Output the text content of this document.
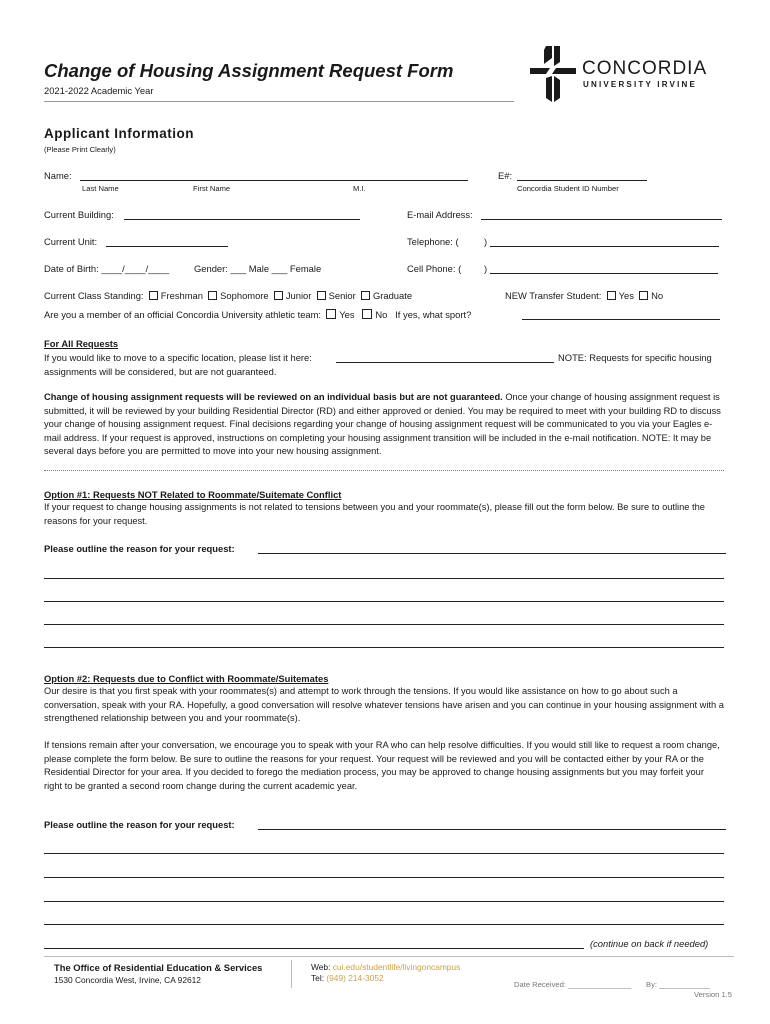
Change of Housing Assignment Request Form
2021-2022 Academic Year
CONCORDIA
UNIVERSITY IRVINE
Applicant Information
(Please Print Clearly)
Name:
Last Name	First Name	M.I.
E#:
Concordia Student ID Number
Current Building:	E-mail Address:
Current Unit:	Telephone: (	)
Date of Birth: ____/____/____	Gender: ___ Male ___ Female	Cell Phone: ( )
Current Class Standing: Freshman Sophomore Junior Senior Graduate	NEW Transfer Student: Yes No
Are you a member of an official Concordia University athletic team: Yes No If yes, what sport?
For All Requests
If you would like to move to a specific location, please list it here:	NOTE: Requests for specific housing
assignments will be considered, but are not guaranteed.
Change of housing assignment requests will be reviewed on an individual basis but are not guaranteed. Once your change of housing assignment request is submitted, it will be reviewed by your building Residential Director (RD) and either approved or denied. You may be required to meet with your building RD to discuss your change of housing assignment request. Final decisions regarding your change of housing assignment request will be communicated to you via your Eagles e-mail address. If your request is approved, instructions on completing your housing assignment transition will be included in the e-mail notification. NOTE: It may be several days before you are permitted to move into your new housing assignment.
Option #1: Requests NOT Related to Roommate/Suitemate Conflict
If your request to change housing assignments is not related to tensions between you and your roommate(s), please fill out the form below. Be sure to outline the reasons for your request.
Please outline the reason for your request:
Option #2: Requests due to Conflict with Roommate/Suitemates
Our desire is that you first speak with your roommates(s) and attempt to work through the tensions. If you would like assistance on how to go about such a conversation, speak with your RA. Hopefully, a good conversation will resolve whatever tensions have arisen and you can continue in your housing assignment with a strengthened relationship between you and your roommate(s).
If tensions remain after your conversation, we encourage you to speak with your RA who can help resolve difficulties. If you would still like to request a room change, please complete the form below. Be sure to outline the reasons for your request. Your request will be reviewed and you will be contacted either by your RA or the Residential Director for your area. If you decided to forego the mediation process, you may be approved to change housing assignments but you may forfeit your right to be granted a second room change during the current academic year.
Please outline the reason for your request:
(continue on back if needed)
The Office of Residential Education & Services
1530 Concordia West, Irvine, CA 92612
Web: cui.edu/studentlife/livingoncampus
Tel: (949) 214-3052
Date Received: _______________ By: ____________
Version 1.5
